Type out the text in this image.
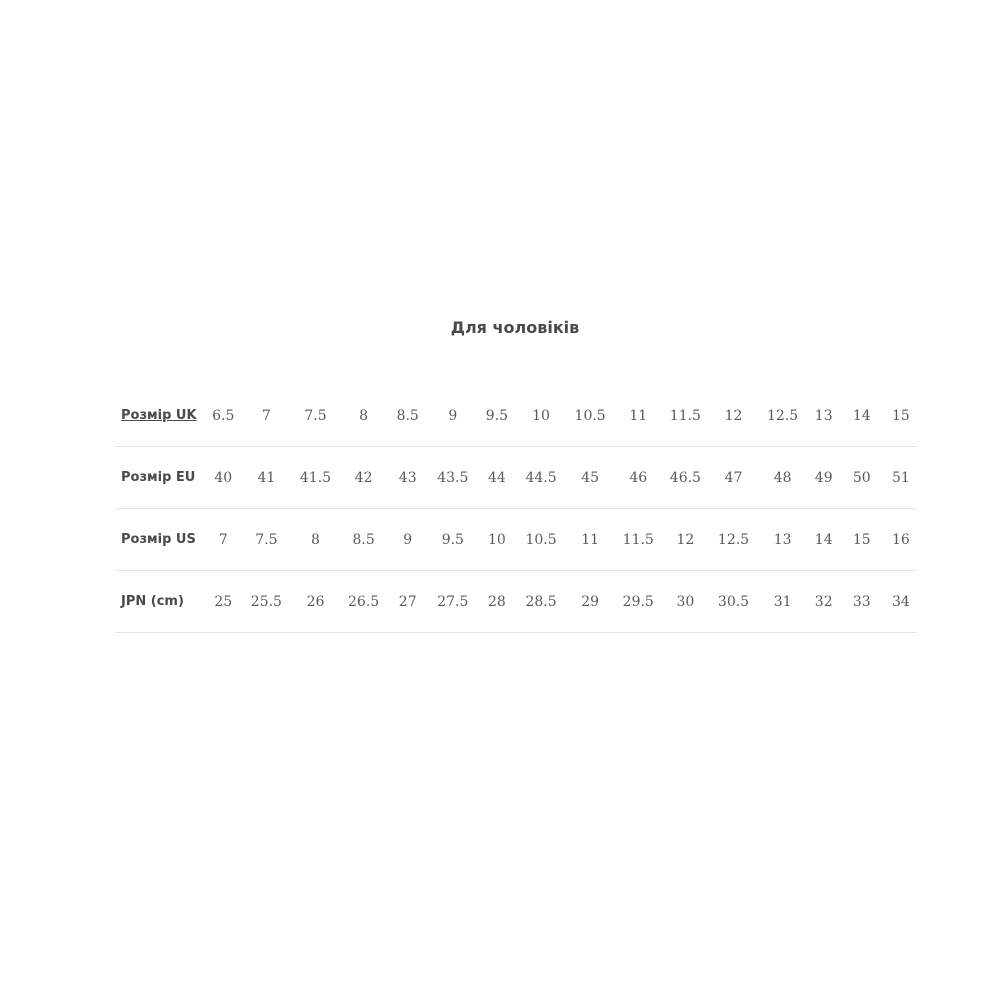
Для чоловіків
Розмір UK	6.5	7	7.5	8	8.5	9	9.5	10	10.5	11	11.5	12	12.5	13	14	15
Розмір EU	40	41	41.5	42	43	43.5	44	44.5	45	46	46.5	47	48	49	50	51
Розмір US	7	7.5	8	8.5	9	9.5	10	10.5	11	11.5	12	12.5	13	14	15	16
JPN (cm)	25	25.5	26	26.5	27	27.5	28	28.5	29	29.5	30	30.5	31	32	33	34
